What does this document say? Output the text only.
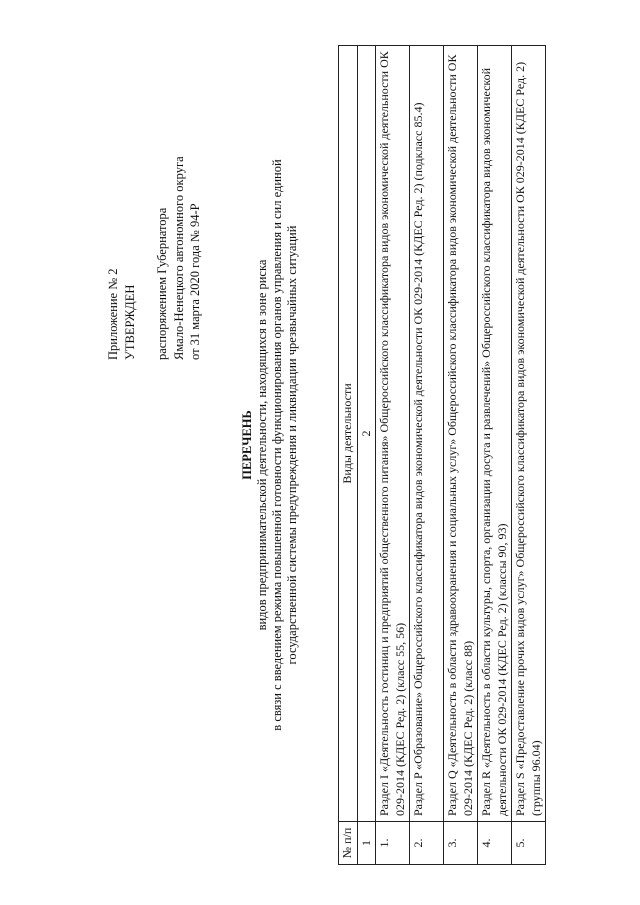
Приложение № 2 УТВЕРЖДЕН распоряжением Губернатора Ямало-Ненецкого автономного округа от 31 марта 2020 года № 94-Р
ПЕРЕЧЕНЬ видов предпринимательской деятельности, находящихся в зоне риска в связи с введением режима повышенной готовности функционирования органов управления и сил единой государственной системы предупреждения и ликвидации чрезвычайных ситуаций
№ п/п	Виды деятельности
1	2
1.	Раздел I «Деятельность гостиниц и предприятий общественного питания» Общероссийского классификатора видов экономической деятельности ОК 029-2014 (КДЕС Ред. 2) (класс 55, 56)
2.	Раздел P «Образование» Общероссийского классификатора видов экономической деятельности ОК 029-2014 (КДЕС Ред. 2) (подкласс 85.4)
3.	Раздел Q «Деятельность в области здравоохранения и социальных услуг» Общероссийского классификатора видов экономической деятельности ОК 029-2014 (КДЕС Ред. 2) (класс 88)
4.	Раздел R «Деятельность в области культуры, спорта, организации досуга и развлечений» Общероссийского классификатора видов экономической деятельности ОК 029-2014 (КДЕС Ред. 2) (классы 90, 93)
5.	Раздел S «Предоставление прочих видов услуг» Общероссийского классификатора видов экономической деятельности ОК 029-2014 (КДЕС Ред. 2) (группы 96.04)
